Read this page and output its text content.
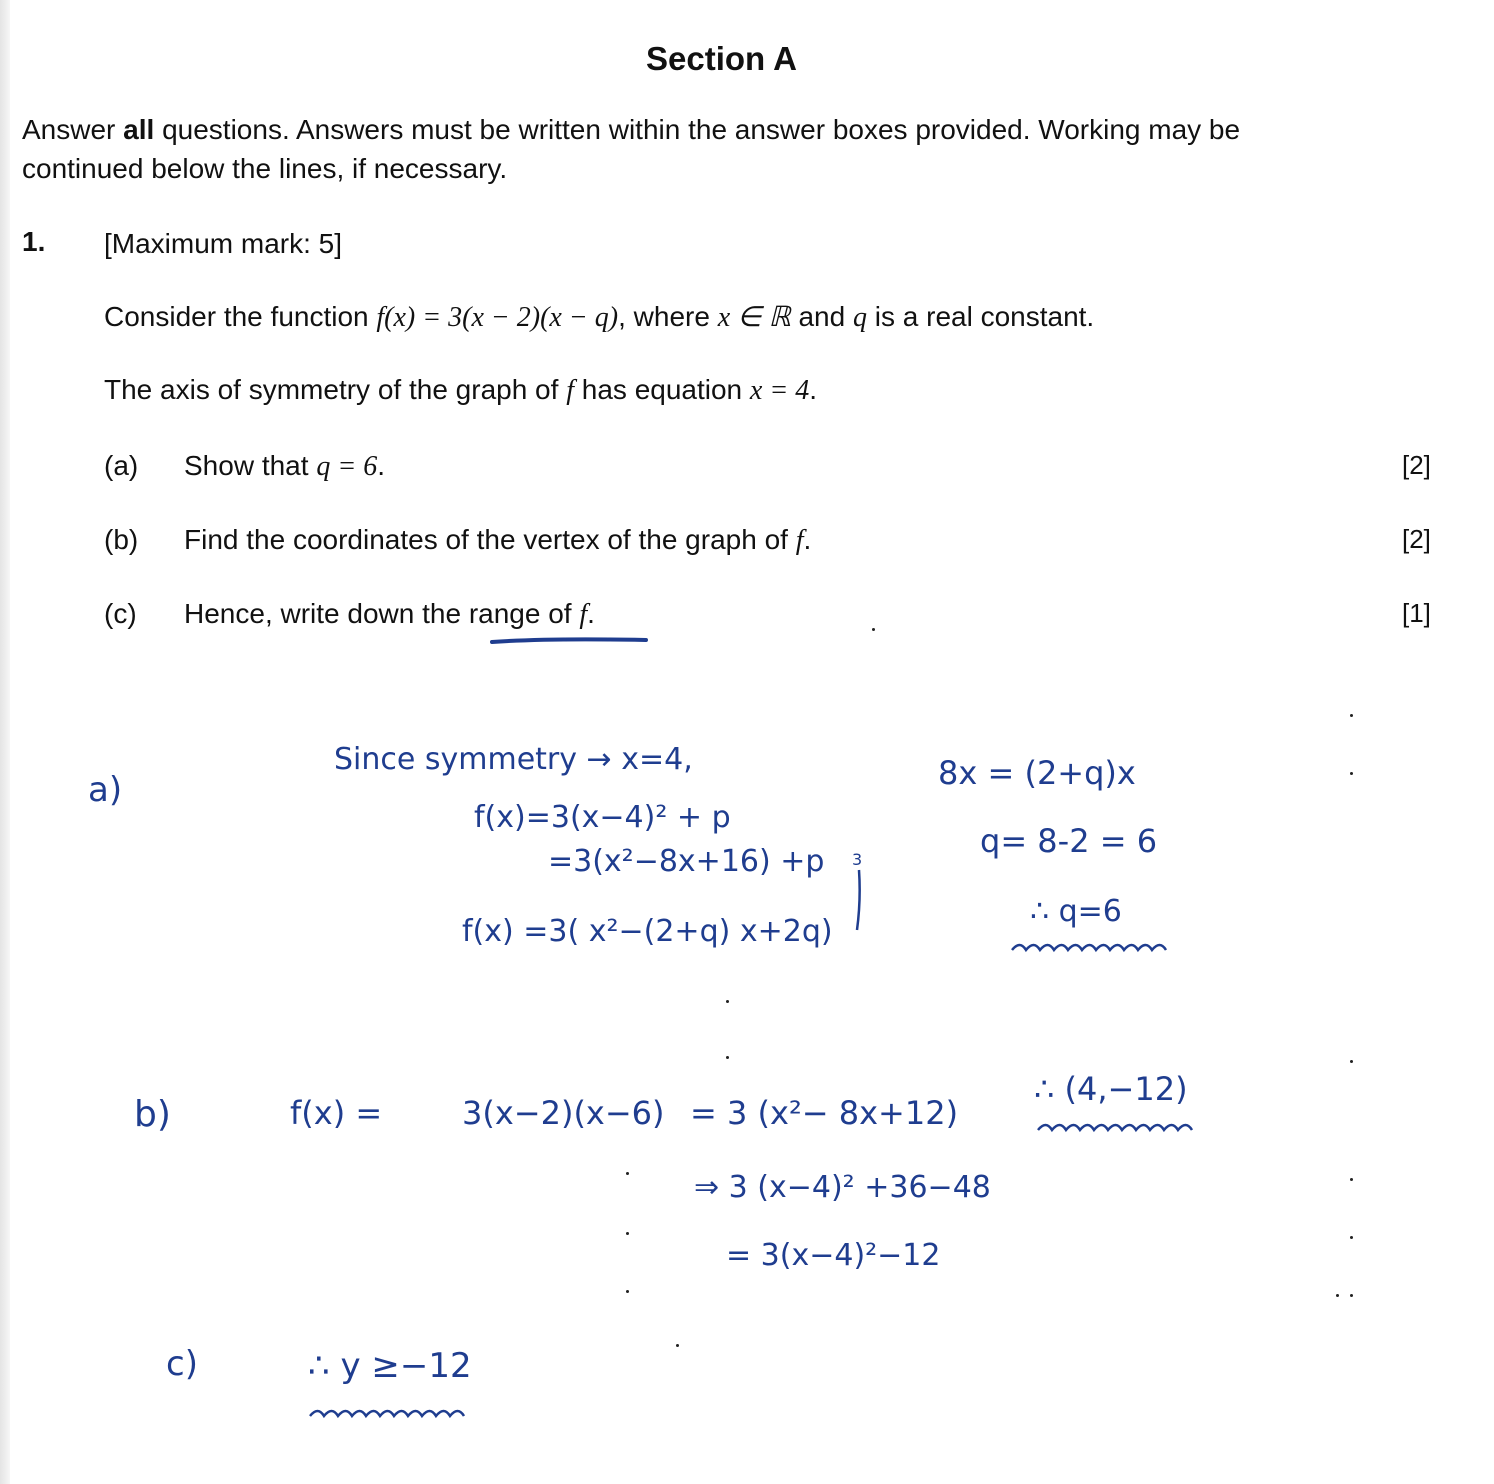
Section A
Answer all questions. Answers must be written within the answer boxes provided. Working may be
continued below the lines, if necessary.
1. [Maximum mark: 5]
Consider the function f(x) = 3(x − 2)(x − q), where x ∈ ℝ and q is a real constant.
The axis of symmetry of the graph of f has equation x = 4.
(a) Show that q = 6.	[2]
(b) Find the coordinates of the vertex of the graph of f.	[2]
(c) Hence, write down the range of f.	[1]
a)
Since symmetry → x=4,
f(x)=3(x−4)² + p
=3(x²−8x+16) +p
f(x) =3( x²−(2+q) x+2q)
3
8x = (2+q)x
q= 8-2 = 6
∴ q=6
b)	f(x) = 3(x−2)(x−6) = 3 (x²− 8x+12)
⇒ 3 (x−4)² +36−48
= 3(x−4)²−12
∴ (4,−12)
c)	∴ y ≥−12
